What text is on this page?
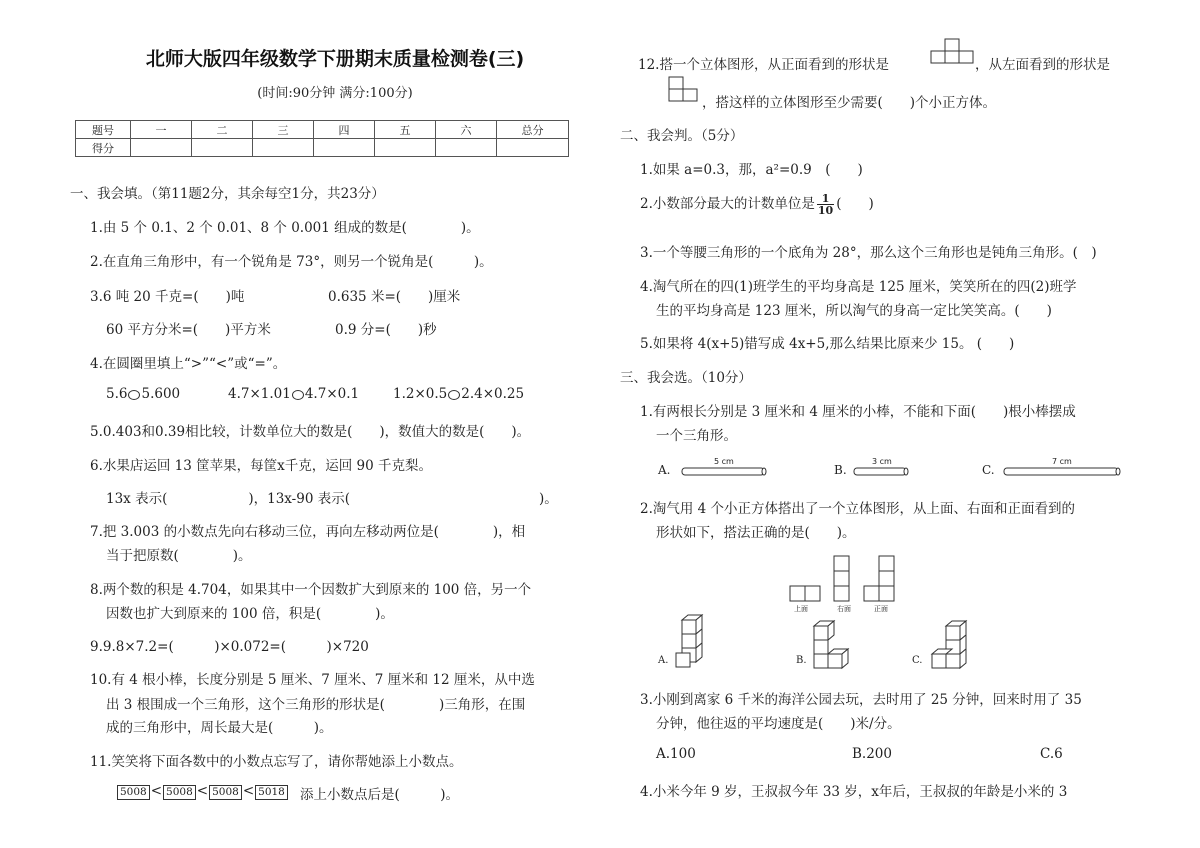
北师大版四年级数学下册期末质量检测卷(三)
(时间:90分钟 满分:100分)
题号	一	二	三	四	五	六	总分
得分							
一、我会填。（第11题2分，其余每空1分，共23分）
1.由 5 个 0.1、2 个 0.01、8 个 0.001 组成的数是(　　　　)。
2.在直角三角形中，有一个锐角是 73°，则另一个锐角是(　　　)。
3.6 吨 20 千克=(　　)吨	0.635 米=(　　)厘米
60 平方分米=(　　)平方米	0.9 分=(　　)秒
4.在圆圈里填上“>”“<”或“=”。
5.6 5.600	4.7×1.01 4.7×0.1	1.2×0.5 2.4×0.25
5.0.403和0.39相比较，计数单位大的数是(　　)，数值大的数是(　　)。
6.水果店运回 13 筐苹果，每筐x千克，运回 90 千克梨。
13x 表示(　　　　　　)，13x-90 表示(　　　　　　　　　　　　　　)。
7.把 3.003 的小数点先向右移动三位，再向左移动两位是(　　　　)，相
当于把原数(　　　　)。
8.两个数的积是 4.704，如果其中一个因数扩大到原来的 100 倍，另一个
因数也扩大到原来的 100 倍，积是(　　　　)。
9.9.8×7.2=(　　　)×0.072=(　　　)×720
10.有 4 根小棒，长度分别是 5 厘米、7 厘米、7 厘米和 12 厘米，从中选
出 3 根围成一个三角形，这个三角形的形状是(　　　　)三角形，在围
成的三角形中，周长最大是(　　　)。
11.笑笑将下面各数中的小数点忘写了，请你帮她添上小数点。
5008 < 5008 < 5008 < 5018 添上小数点后是(　　　)。
12.搭一个立体图形，从正面看到的形状是	，从左面看到的形状是
，搭这样的立体图形至少需要(　　)个小正方体。
二、我会判。（5分）
1.如果 a=0.3，那，a²=0.9　(　　)
2.小数部分最大的计数单位是 $\frac{1}{10}$ (　　)
3.一个等腰三角形的一个底角为 28°，那么这个三角形也是钝角三角形。(　)
4.淘气所在的四(1)班学生的平均身高是 125 厘米，笑笑所在的四(2)班学
生的平均身高是 123 厘米，所以淘气的身高一定比笑笑高。(　　)
5.如果将 4(x+5)错写成 4x+5,那么结果比原来少 15。 (　　)
三、我会选。（10分）
1.有两根长分别是 3 厘米和 4 厘米的小棒，不能和下面(　　)根小棒摆成
一个三角形。
A.
5 cm
B.
3 cm
C.
7 cm
2.淘气用 4 个小正方体搭出了一个立体图形，从上面、右面和正面看到的
形状如下，搭法正确的是(　　)。
上面	右面	正面
A.	B.	C.
3.小刚到离家 6 千米的海洋公园去玩，去时用了 25 分钟，回来时用了 35
分钟，他往返的平均速度是(　　)米/分。
A.100	B.200	C.6
4.小米今年 9 岁，王叔叔今年 33 岁，x年后，王叔叔的年龄是小米的 3
